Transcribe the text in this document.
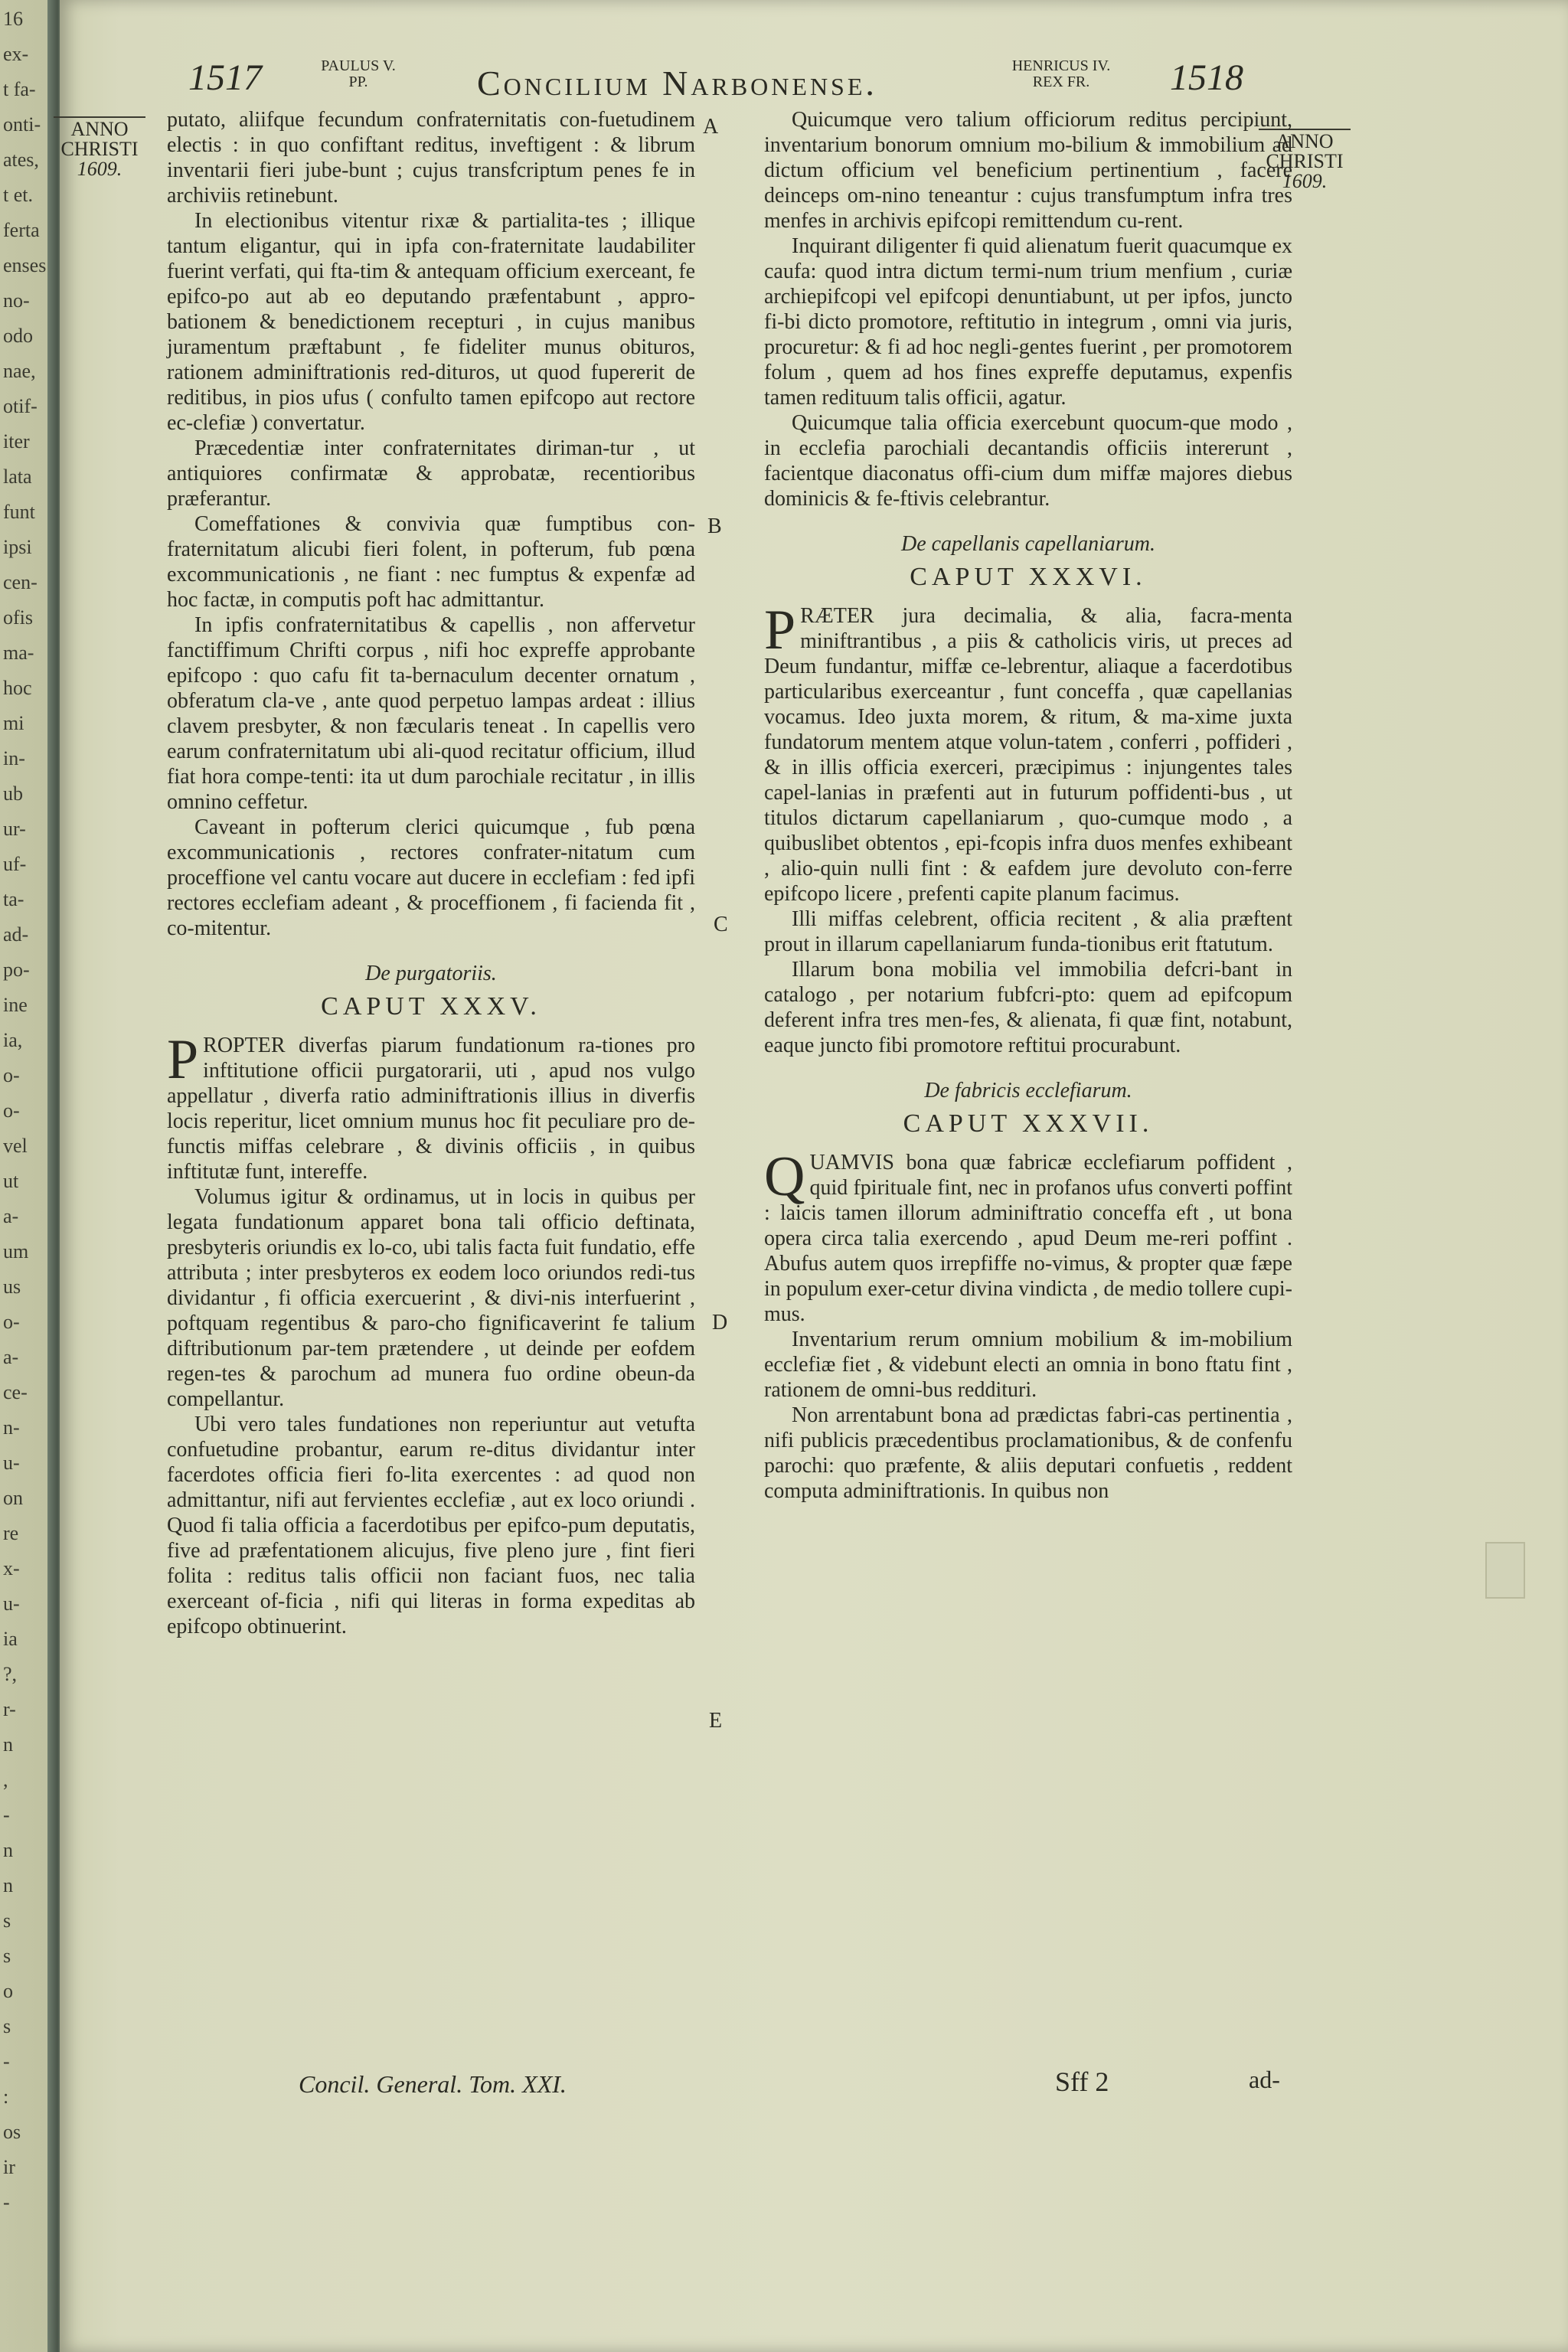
16
ex-
t fa-
onti-
ates,
t et.
ferta
enses
no-
odo
nae,
otif-
iter
lata
funt
ipsi
cen-
ofis
ma-
hoc
mi
in-
ub
ur-
uf-
ta-
ad-
po-
ine
ia,
o-
o-
vel
ut
a-
um
us
o-
a-
ce-
n-
u-
on
re
x-
u-
ia
?,
r-
n
,
-
n
n
s
s
o
s
-
:
os
ir
-
1517	PAULUS V.
PP.	Concilium Narbonense.	HENRICUS IV.
REX FR.	1518
ANNO
CHRISTI
1609.
ANNO
CHRISTI
1609.
A
B
C
D
E

putato, aliifque fecundum confraternitatis con-fuetudinem electis : in quo confiftant reditus, inveftigent : & librum inventarii fieri jube-bunt ; cujus transfcriptum penes fe in archiviis retinebunt.

In electionibus vitentur rixæ & partialita-tes ; illique tantum eligantur, qui in ipfa con-fraternitate laudabiliter fuerint verfati, qui fta-tim & antequam officium exerceant, fe epifco-po aut ab eo deputando præfentabunt , appro-bationem & benedictionem recepturi , in cujus manibus juramentum præftabunt , fe fideliter munus obituros, rationem adminiftrationis red-dituros, ut quod fupererit de reditibus, in pios ufus ( confulto tamen epifcopo aut rectore ec-clefiæ ) convertatur.

Præcedentiæ inter confraternitates diriman-tur , ut antiquiores confirmatæ & approbatæ, recentioribus præferantur.

Comeffationes & convivia quæ fumptibus con-fraternitatum alicubi fieri folent, in pofterum, fub pœna excommunicationis , ne fiant : nec fumptus & expenfæ ad hoc factæ, in computis poft hac admittantur.

In ipfis confraternitatibus & capellis , non affervetur fanctiffimum Chrifti corpus , nifi hoc expreffe approbante epifcopo : quo cafu fit ta-bernaculum decenter ornatum , obferatum cla-ve , ante quod perpetuo lampas ardeat : illius clavem presbyter, & non fæcularis teneat . In capellis vero earum confraternitatum ubi ali-quod recitatur officium, illud fiat hora compe-tenti: ita ut dum parochiale recitatur , in illis omnino ceffetur.

Caveant in pofterum clerici quicumque , fub pœna excommunicationis , rectores confrater-nitatum cum proceffione vel cantu vocare aut ducere in ecclefiam : fed ipfi rectores ecclefiam adeant , & proceffionem , fi facienda fit , co-mitentur.

De purgatoriis.
CAPUT XXXV.

PROPTER diverfas piarum fundationum ra-tiones pro inftitutione officii purgatorarii, uti , apud nos vulgo appellatur , diverfa ratio adminiftrationis illius in diverfis locis reperitur, licet omnium munus hoc fit peculiare pro de-functis miffas celebrare , & divinis officiis , in quibus inftitutæ funt, intereffe.

Volumus igitur & ordinamus, ut in locis in quibus per legata fundationum apparet bona tali officio deftinata, presbyteris oriundis ex lo-co, ubi talis facta fuit fundatio, effe attributa ; inter presbyteros ex eodem loco oriundos redi-tus dividantur , fi officia exercuerint , & divi-nis interfuerint , poftquam regentibus & paro-cho fignificaverint fe talium diftributionum par-tem prætendere , ut deinde per eofdem regen-tes & parochum ad munera fuo ordine obeun-da compellantur.

Ubi vero tales fundationes non reperiuntur aut vetufta confuetudine probantur, earum re-ditus dividantur inter facerdotes officia fieri fo-lita exercentes : ad quod non admittantur, nifi aut fervientes ecclefiæ , aut ex loco oriundi . Quod fi talia officia a facerdotibus per epifco-pum deputatis, five ad præfentationem alicujus, five pleno jure , fint fieri folita : reditus talis officii non faciant fuos, nec talia exerceant of-ficia , nifi qui literas in forma expeditas ab epifcopo obtinuerint.

Quicumque vero talium officiorum reditus percipiunt, inventarium bonorum omnium mo-bilium & immobilium ad dictum officium vel beneficium pertinentium , facere deinceps om-nino teneantur : cujus transfumptum infra tres menfes in archivis epifcopi remittendum cu-rent.

Inquirant diligenter fi quid alienatum fuerit quacumque ex caufa: quod intra dictum termi-num trium menfium , curiæ archiepifcopi vel epifcopi denuntiabunt, ut per ipfos, juncto fi-bi dicto promotore, reftitutio in integrum , omni via juris, procuretur: & fi ad hoc negli-gentes fuerint , per promotorem folum , quem ad hos fines expreffe deputamus, expenfis tamen redituum talis officii, agatur.

Quicumque talia officia exercebunt quocum-que modo , in ecclefia parochiali decantandis officiis intererunt , facientque diaconatus offi-cium dum miffæ majores diebus dominicis & fe-ftivis celebrantur.

De capellanis capellaniarum.
CAPUT XXXVI.

PRÆTER jura decimalia, & alia, facra-menta miniftrantibus , a piis & catholicis viris, ut preces ad Deum fundantur, miffæ ce-lebrentur, aliaque a facerdotibus particularibus exerceantur , funt conceffa , quæ capellanias vocamus. Ideo juxta morem, & ritum, & ma-xime juxta fundatorum mentem atque volun-tatem , conferri , poffideri , & in illis officia exerceri, præcipimus : injungentes tales capel-lanias in præfenti aut in futurum poffidenti-bus , ut titulos dictarum capellaniarum , quo-cumque modo , a quibuslibet obtentos , epi-fcopis infra duos menfes exhibeant , alio-quin nulli fint : & eafdem jure devoluto con-ferre epifcopo licere , prefenti capite planum facimus.

Illi miffas celebrent, officia recitent , & alia præftent prout in illarum capellaniarum funda-tionibus erit ftatutum.

Illarum bona mobilia vel immobilia defcri-bant in catalogo , per notarium fubfcri-pto: quem ad epifcopum deferent infra tres men-fes, & alienata, fi quæ fint, notabunt, eaque juncto fibi promotore reftitui procurabunt.

De fabricis ecclefiarum.
CAPUT XXXVII.

QUAMVIS bona quæ fabricæ ecclefiarum poffident , quid fpirituale fint, nec in profanos ufus converti poffint : laicis tamen illorum adminiftratio conceffa eft , ut bona opera circa talia exercendo , apud Deum me-reri poffint . Abufus autem quos irrepfiffe no-vimus, & propter quæ fæpe in populum exer-cetur divina vindicta , de medio tollere cupi-mus.

Inventarium rerum omnium mobilium & im-mobilium ecclefiæ fiet , & videbunt electi an omnia in bono ftatu fint , rationem de omni-bus reddituri.

Non arrentabunt bona ad prædictas fabri-cas pertinentia , nifi publicis præcedentibus proclamationibus, & de confenfu parochi: quo præfente, & aliis deputari confuetis , reddent computa adminiftrationis. In quibus non

Concil. General. Tom. XXI.	Sff 2	ad-
